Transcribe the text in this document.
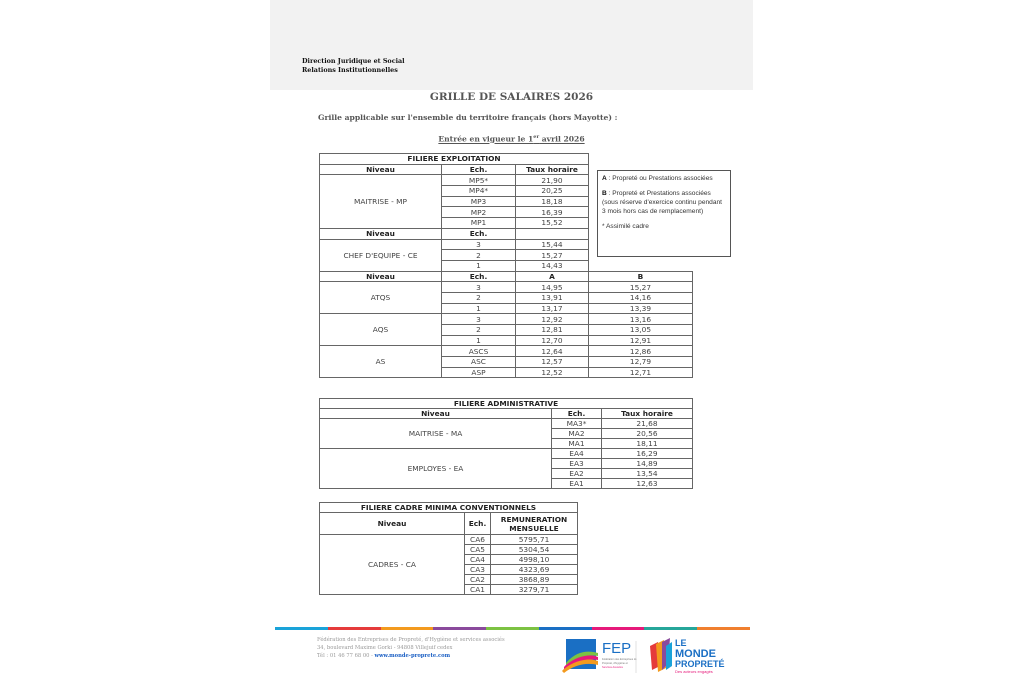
Direction Juridique et Social
Relations Institutionnelles
GRILLE DE SALAIRES 2026
Grille applicable sur l'ensemble du territoire français (hors Mayotte) :
Entrée en vigueur le 1er avril 2026
FILIERE EXPLOITATION			
Niveau	Ech.	Taux horaire	
MAITRISE - MP	MP5*	21,90	
	MP4*	20,25	
	MP3	18,18	
	MP2	16,39	
	MP1	15,52	
Niveau	Ech.		
CHEF D'EQUIPE - CE	3	15,44	
	2	15,27	
	1	14,43	
Niveau	Ech.	A	B
ATQS	3	14,95	15,27
	2	13,91	14,16
	1	13,17	13,39
AQS	3	12,92	13,16
	2	12,81	13,05
	1	12,70	12,91
AS	ASCS	12,64	12,86
	ASC	12,57	12,79
	ASP	12,52	12,71

A : Propreté ou Prestations associées

B : Propreté et Prestations associées (sous réserve d'exercice continu pendant 3 mois hors cas de remplacement)

* Assimilé cadre

FILIERE ADMINISTRATIVE		
Niveau	Ech.	Taux horaire
MAITRISE - MA	MA3*	21,68
	MA2	20,56
	MA1	18,11
EMPLOYES - EA	EA4	16,29
	EA3	14,89
	EA2	13,54
	EA1	12,63
FILIERE CADRE MINIMA CONVENTIONNELS		
Niveau	Ech.	REMUNERATION MENSUELLE
CADRES - CA	CA6	5795,71
	CA5	5304,54
	CA4	4998,10
	CA3	4323,69
	CA2	3868,89
	CA1	3279,71
Fédération des Entreprises de Propreté, d'Hygiène et services associés
34, boulevard Maxime Gorki - 94808 Villejuif cedex
Tél : 01 46 77 68 00 - www.monde-proprete.com	FEP
Fédération des Entreprises de
Propreté, d'Hygiène et
Services Associés
LE
MONDE
PROPRETÉ
Des acteurs engagés
